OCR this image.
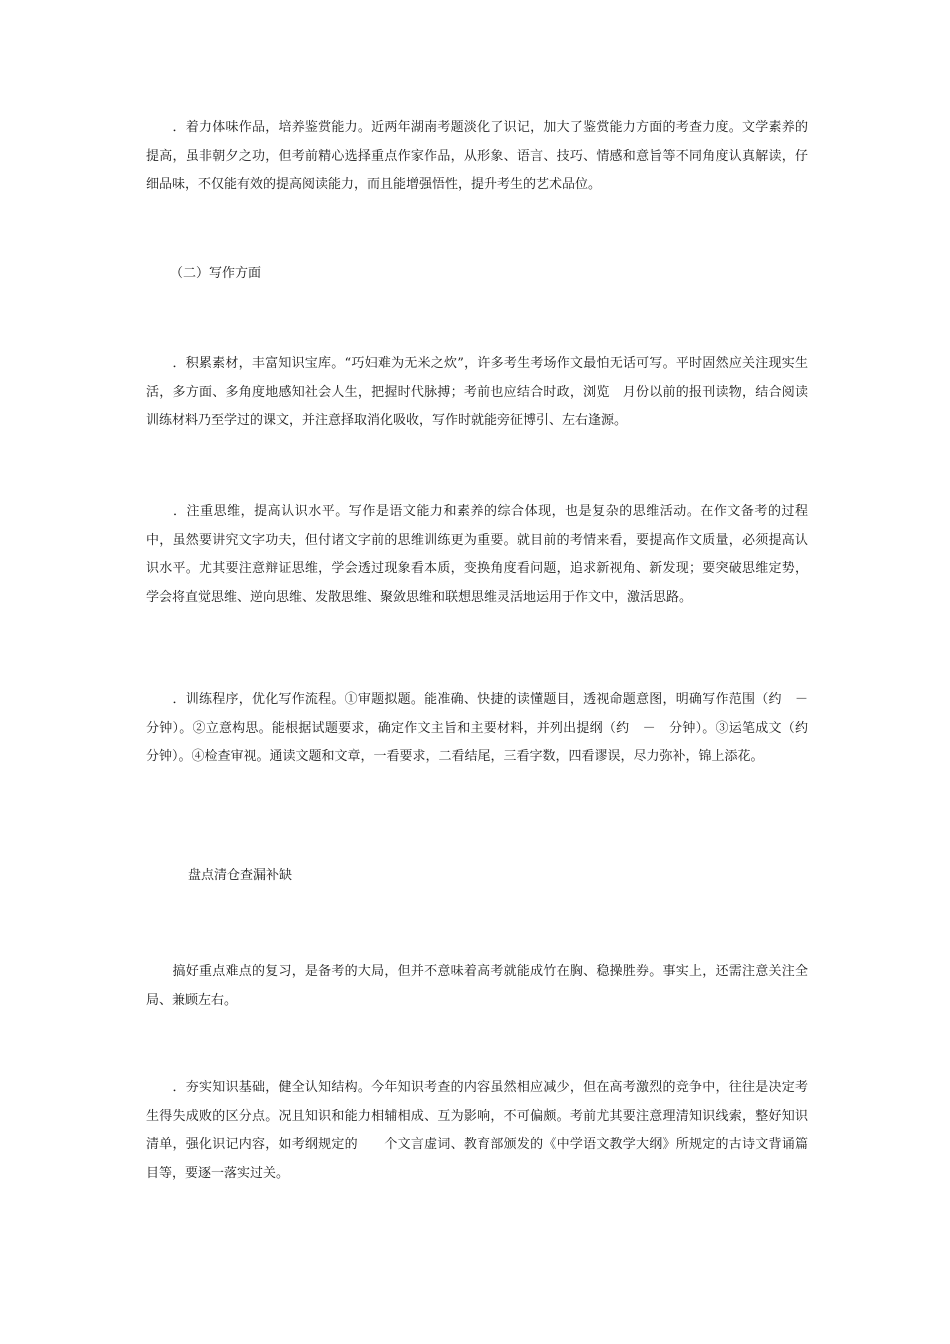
　　．着力体味作品，培养鉴赏能力。近两年湖南考题淡化了识记，加大了鉴赏能力方面的考查力度。文学素养的提高，虽非朝夕之功，但考前精心选择重点作家作品，从形象、语言、技巧、情感和意旨等不同角度认真解读，仔细品味，不仅能有效的提高阅读能力，而且能增强悟性，提升考生的艺术品位。

（二）写作方面

　　．积累素材，丰富知识宝库。“巧妇难为无米之炊”，许多考生考场作文最怕无话可写。平时固然应关注现实生活，多方面、多角度地感知社会人生，把握时代脉搏；考前也应结合时政，浏览　月份以前的报刊读物，结合阅读训练材料乃至学过的课文，并注意择取消化吸收，写作时就能旁征博引、左右逢源。

　　．注重思维，提高认识水平。写作是语文能力和素养的综合体现，也是复杂的思维活动。在作文备考的过程中，虽然要讲究文字功夫，但付诸文字前的思维训练更为重要。就目前的考情来看，要提高作文质量，必须提高认识水平。尤其要注意辩证思维，学会透过现象看本质，变换角度看问题，追求新视角、新发现；要突破思维定势，学会将直觉思维、逆向思维、发散思维、聚敛思维和联想思维灵活地运用于作文中，激活思路。

　　．训练程序，优化写作流程。①审题拟题。能准确、快捷的读懂题目，透视命题意图，明确写作范围（约　－　分钟）。②立意构思。能根据试题要求，确定作文主旨和主要材料，并列出提纲（约　－　分钟）。③运笔成文（约　　分钟）。④检查审视。通读文题和文章，一看要求，二看结尾，三看字数，四看谬误，尽力弥补，锦上添花。

盘点清仓查漏补缺

　　搞好重点难点的复习，是备考的大局，但并不意味着高考就能成竹在胸、稳操胜券。事实上，还需注意关注全局、兼顾左右。

　　．夯实知识基础，健全认知结构。今年知识考查的内容虽然相应减少，但在高考激烈的竞争中，往往是决定考生得失成败的区分点。况且知识和能力相辅相成、互为影响，不可偏颇。考前尤其要注意理清知识线索，整好知识清单，强化识记内容，如考纲规定的　　个文言虚词、教育部颁发的《中学语文教学大纲》所规定的古诗文背诵篇目等，要逐一落实过关。
